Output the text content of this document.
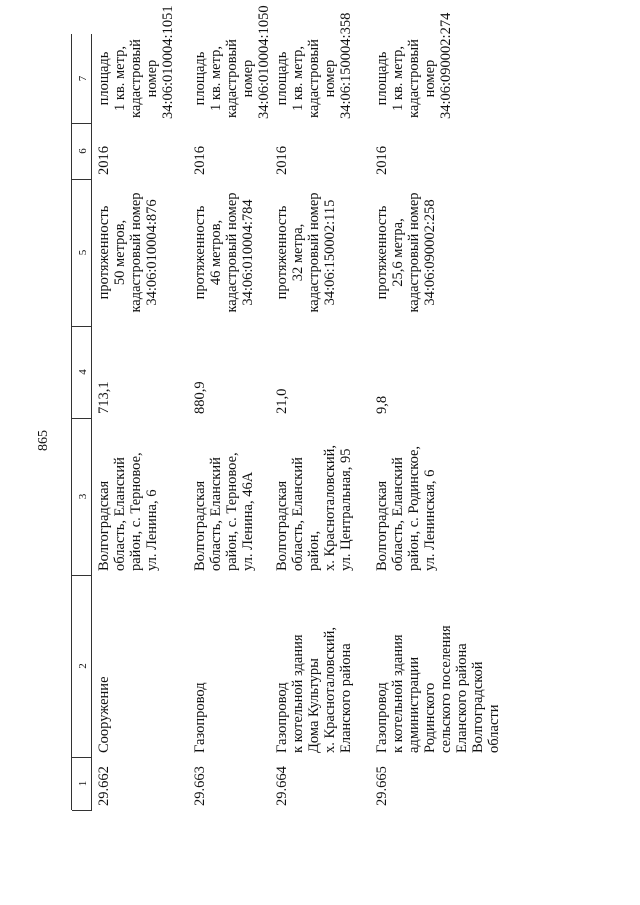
865
1
2
3
4
5
6
7
29.662
Сооружение
Волгоградская
область, Еланский
район, с. Терновое,
ул. Ленина, 6
713,1
протяженность
50 метров,
кадастровый номер
34:06:010004:876
2016
площадь
1 кв. метр,
кадастровый номер
34:06:010004:1051
29.663
Газопровод
Волгоградская
область, Еланский
район, с. Терновое,
ул. Ленина, 46А
880,9
протяженность
46 метров,
кадастровый номер
34:06:010004:784
2016
площадь
1 кв. метр,
кадастровый номер
34:06:010004:1050
29.664
Газопровод
к котельной здания
Дома Культуры
х. Красноталовский,
Еланского района
Волгоградская
область, Еланский
район,
х. Красноталовский,
ул. Центральная, 95
21,0
протяженность
32 метра,
кадастровый номер
34:06:150002:115
2016
площадь
1 кв. метр,
кадастровый номер
34:06:150004:358
29.665
Газопровод
к котельной здания
администрации
Родинского
сельского поселения
Еланского района
Волгоградской
области
Волгоградская
область, Еланский
район, с. Родинское,
ул. Ленинская, 6
9,8
протяженность
25,6 метра,
кадастровый номер
34:06:090002:258
2016
площадь
1 кв. метр,
кадастровый номер
34:06:090002:274
